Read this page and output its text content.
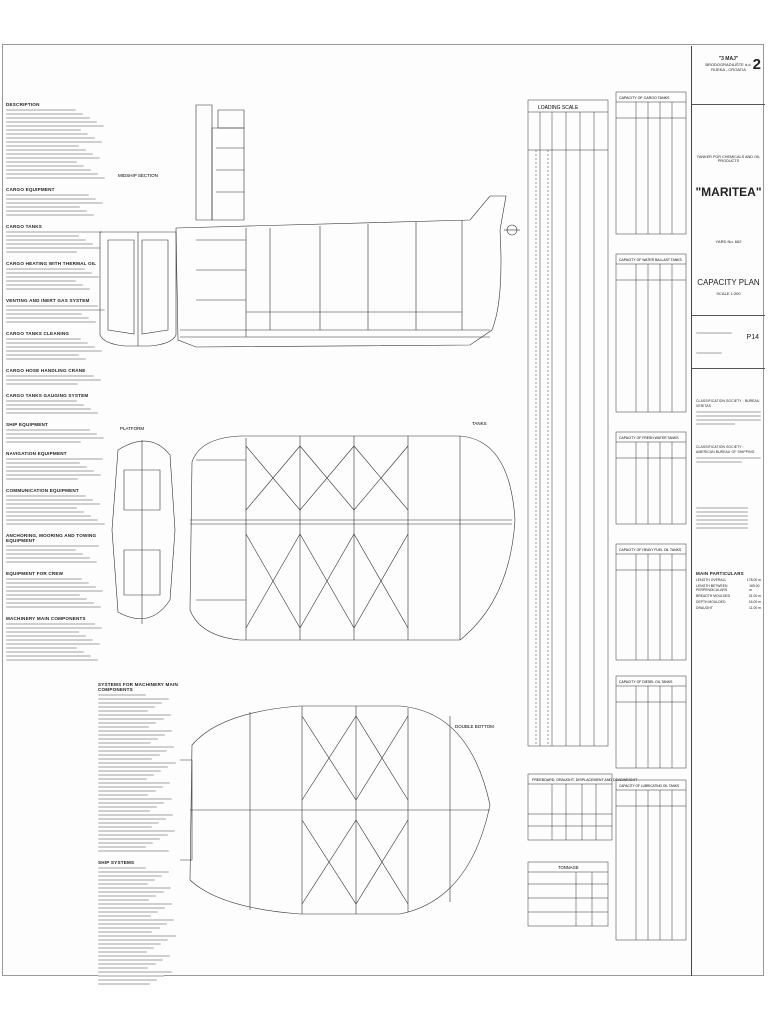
DESCRIPTION
CARGO EQUIPMENT
CARGO TANKS
CARGO HEATING WITH THERMAL OIL
VENTING AND INERT GAS SYSTEM
CARGO TANKS CLEANING
CARGO HOSE HANDLING CRANE
CARGO TANKS GAUGING SYSTEM
SHIP EQUIPMENT
NAVIGATION EQUIPMENT
COMMUNICATION EQUIPMENT
ANCHORING, MOORING AND TOWING EQUIPMENT
EQUIPMENT FOR CREW
MACHINERY MAIN COMPONENTS
SYSTEMS FOR MACHINERY MAIN COMPONENTS
SHIP SYSTEMS
MIDSHIP SECTION
PLATFORM
TANKS
DOUBLE BOTTOM
LOADING SCALE
FREEBOARD, DRAUGHT, DISPLACEMENT AND DEADWEIGHT
TONNAGE
CAPACITY OF CARGO TANKS
CAPACITY OF WATER BALLAST TANKS
CAPACITY OF FRESH WATER TANKS
CAPACITY OF HEAVY FUEL OIL TANKS
CAPACITY OF DIESEL OIL TANKS
CAPACITY OF LUBRICATING OIL TANKS
"3 MAJ"
BRODOGRADILIŠTE d.d.
RIJEKA - CROATIA 2
TANKER FOR CHEMICALS AND OIL PRODUCTS
"MARITEA"
YARD No. 662
CAPACITY PLAN
SCALE 1:200
P14
CLASSIFICATION SOCIETY : BUREAU VERITAS
CLASSIFICATION SOCIETY : AMERICAN BUREAU OF SHIPPING
MAIN PARTICULARS
LENGTH OVERALL	178.00 m
LENGTH BETWEEN PERPENDICULARS
169.00 m
BREADTH MOULDED	31.00 m
DEPTH MOULDED	16.00 m
DRAUGHT	11.00 m
